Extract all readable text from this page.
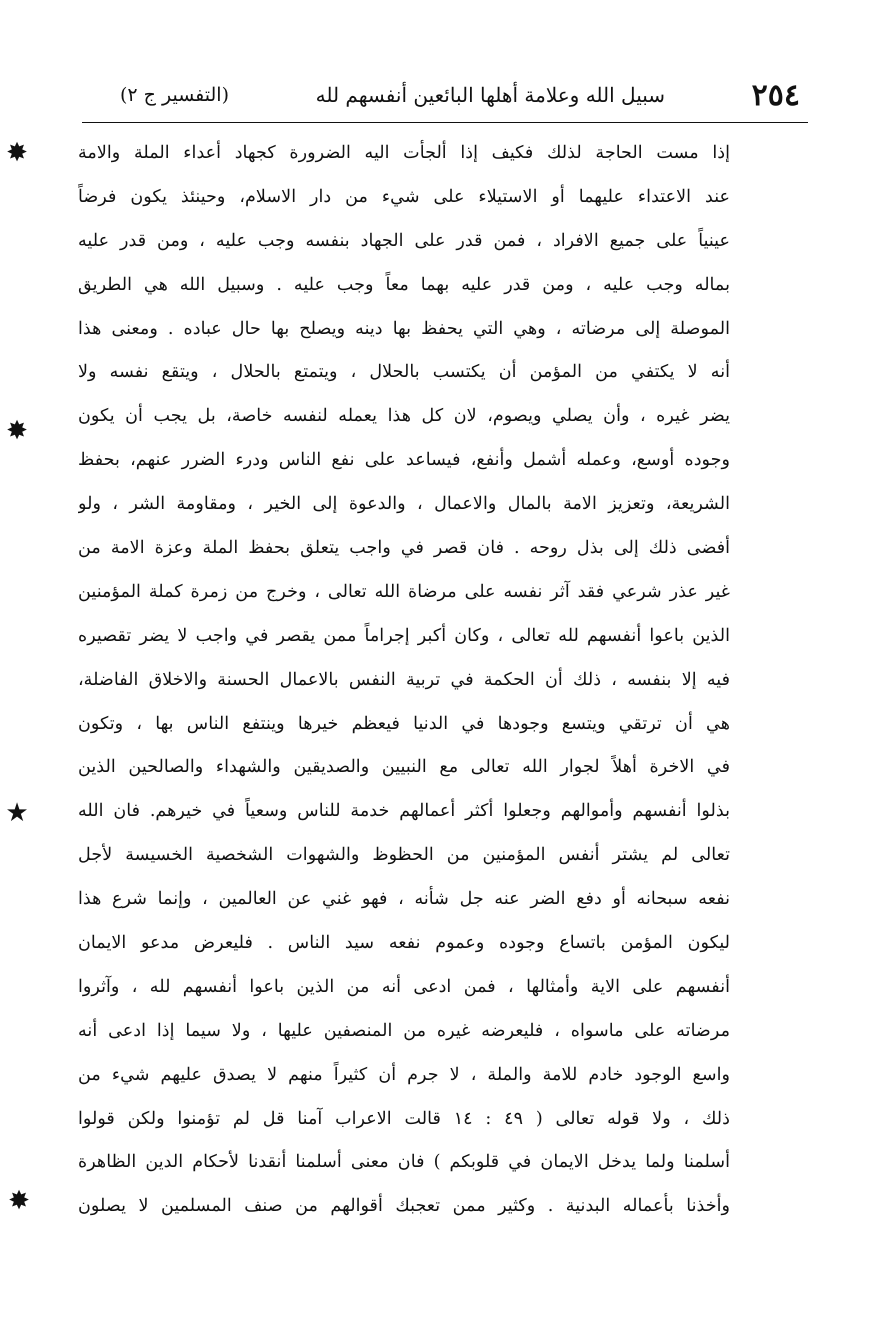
(التفسير ج ٢)	سبيل الله وعلامة أهلها البائعين أنفسهم لله	٢٥٤
✸
✸
★
✸
إذا مست الحاجة لذلك فكيف إذا ألجأت اليه الضرورة كجهاد أعداء الملة والامة
عند الاعتداء عليهما أو الاستيلاء على شيء من دار الاسلام، وحينئذ يكون فرضاً
عينياً على جميع الافراد ، فمن قدر على الجهاد بنفسه وجب عليه ، ومن قدر عليه
بماله وجب عليه ، ومن قدر عليه بهما معاً وجب عليه . وسبيل الله هي الطريق
الموصلة إلى مرضاته ، وهي التي يحفظ بها دينه ويصلح بها حال عباده . ومعنى هذا
أنه لا يكتفي من المؤمن أن يكتسب بالحلال ، ويتمتع بالحلال ، ويتقع نفسه ولا
يضر غيره ، وأن يصلي ويصوم، لان كل هذا يعمله لنفسه خاصة، بل يجب أن يكون
وجوده أوسع، وعمله أشمل وأنفع، فيساعد على نفع الناس ودرء الضرر عنهم، بحفظ
الشريعة، وتعزيز الامة بالمال والاعمال ، والدعوة إلى الخير ، ومقاومة الشر ، ولو
أفضى ذلك إلى بذل روحه . فان قصر في واجب يتعلق بحفظ الملة وعزة الامة من
غير عذر شرعي فقد آثر نفسه على مرضاة الله تعالى ، وخرج من زمرة كملة المؤمنين
الذين باعوا أنفسهم لله تعالى ، وكان أكبر إجراماً ممن يقصر في واجب لا يضر تقصيره
فيه إلا بنفسه ، ذلك أن الحكمة في تربية النفس بالاعمال الحسنة والاخلاق الفاضلة،
هي أن ترتقي ويتسع وجودها في الدنيا فيعظم خيرها وينتفع الناس بها ، وتكون
في الاخرة أهلاً لجوار الله تعالى مع النبيين والصديقين والشهداء والصالحين الذين
بذلوا أنفسهم وأموالهم وجعلوا أكثر أعمالهم خدمة للناس وسعياً في خيرهم. فان الله
تعالى لم يشتر أنفس المؤمنين من الحظوظ والشهوات الشخصية الخسيسة لأجل
نفعه سبحانه أو دفع الضر عنه جل شأنه ، فهو غني عن العالمين ، وإنما شرع هذا
ليكون المؤمن باتساع وجوده وعموم نفعه سيد الناس . فليعرض مدعو الايمان
أنفسهم على الاية وأمثالها ، فمن ادعى أنه من الذين باعوا أنفسهم لله ، وآثروا
مرضاته على ماسواه ، فليعرضه غيره من المنصفين عليها ، ولا سيما إذا ادعى أنه
واسع الوجود خادم للامة والملة ، لا جرم أن كثيراً منهم لا يصدق عليهم شيء من
ذلك ، ولا قوله تعالى ( ٤٩ : ١٤ قالت الاعراب آمنا قل لم تؤمنوا ولكن قولوا
أسلمنا ولما يدخل الايمان في قلوبكم ) فان معنى أسلمنا أنقدنا لأحكام الدين الظاهرة
وأخذنا بأعماله البدنية . وكثير ممن تعجبك أقوالهم من صنف المسلمين لا يصلون
